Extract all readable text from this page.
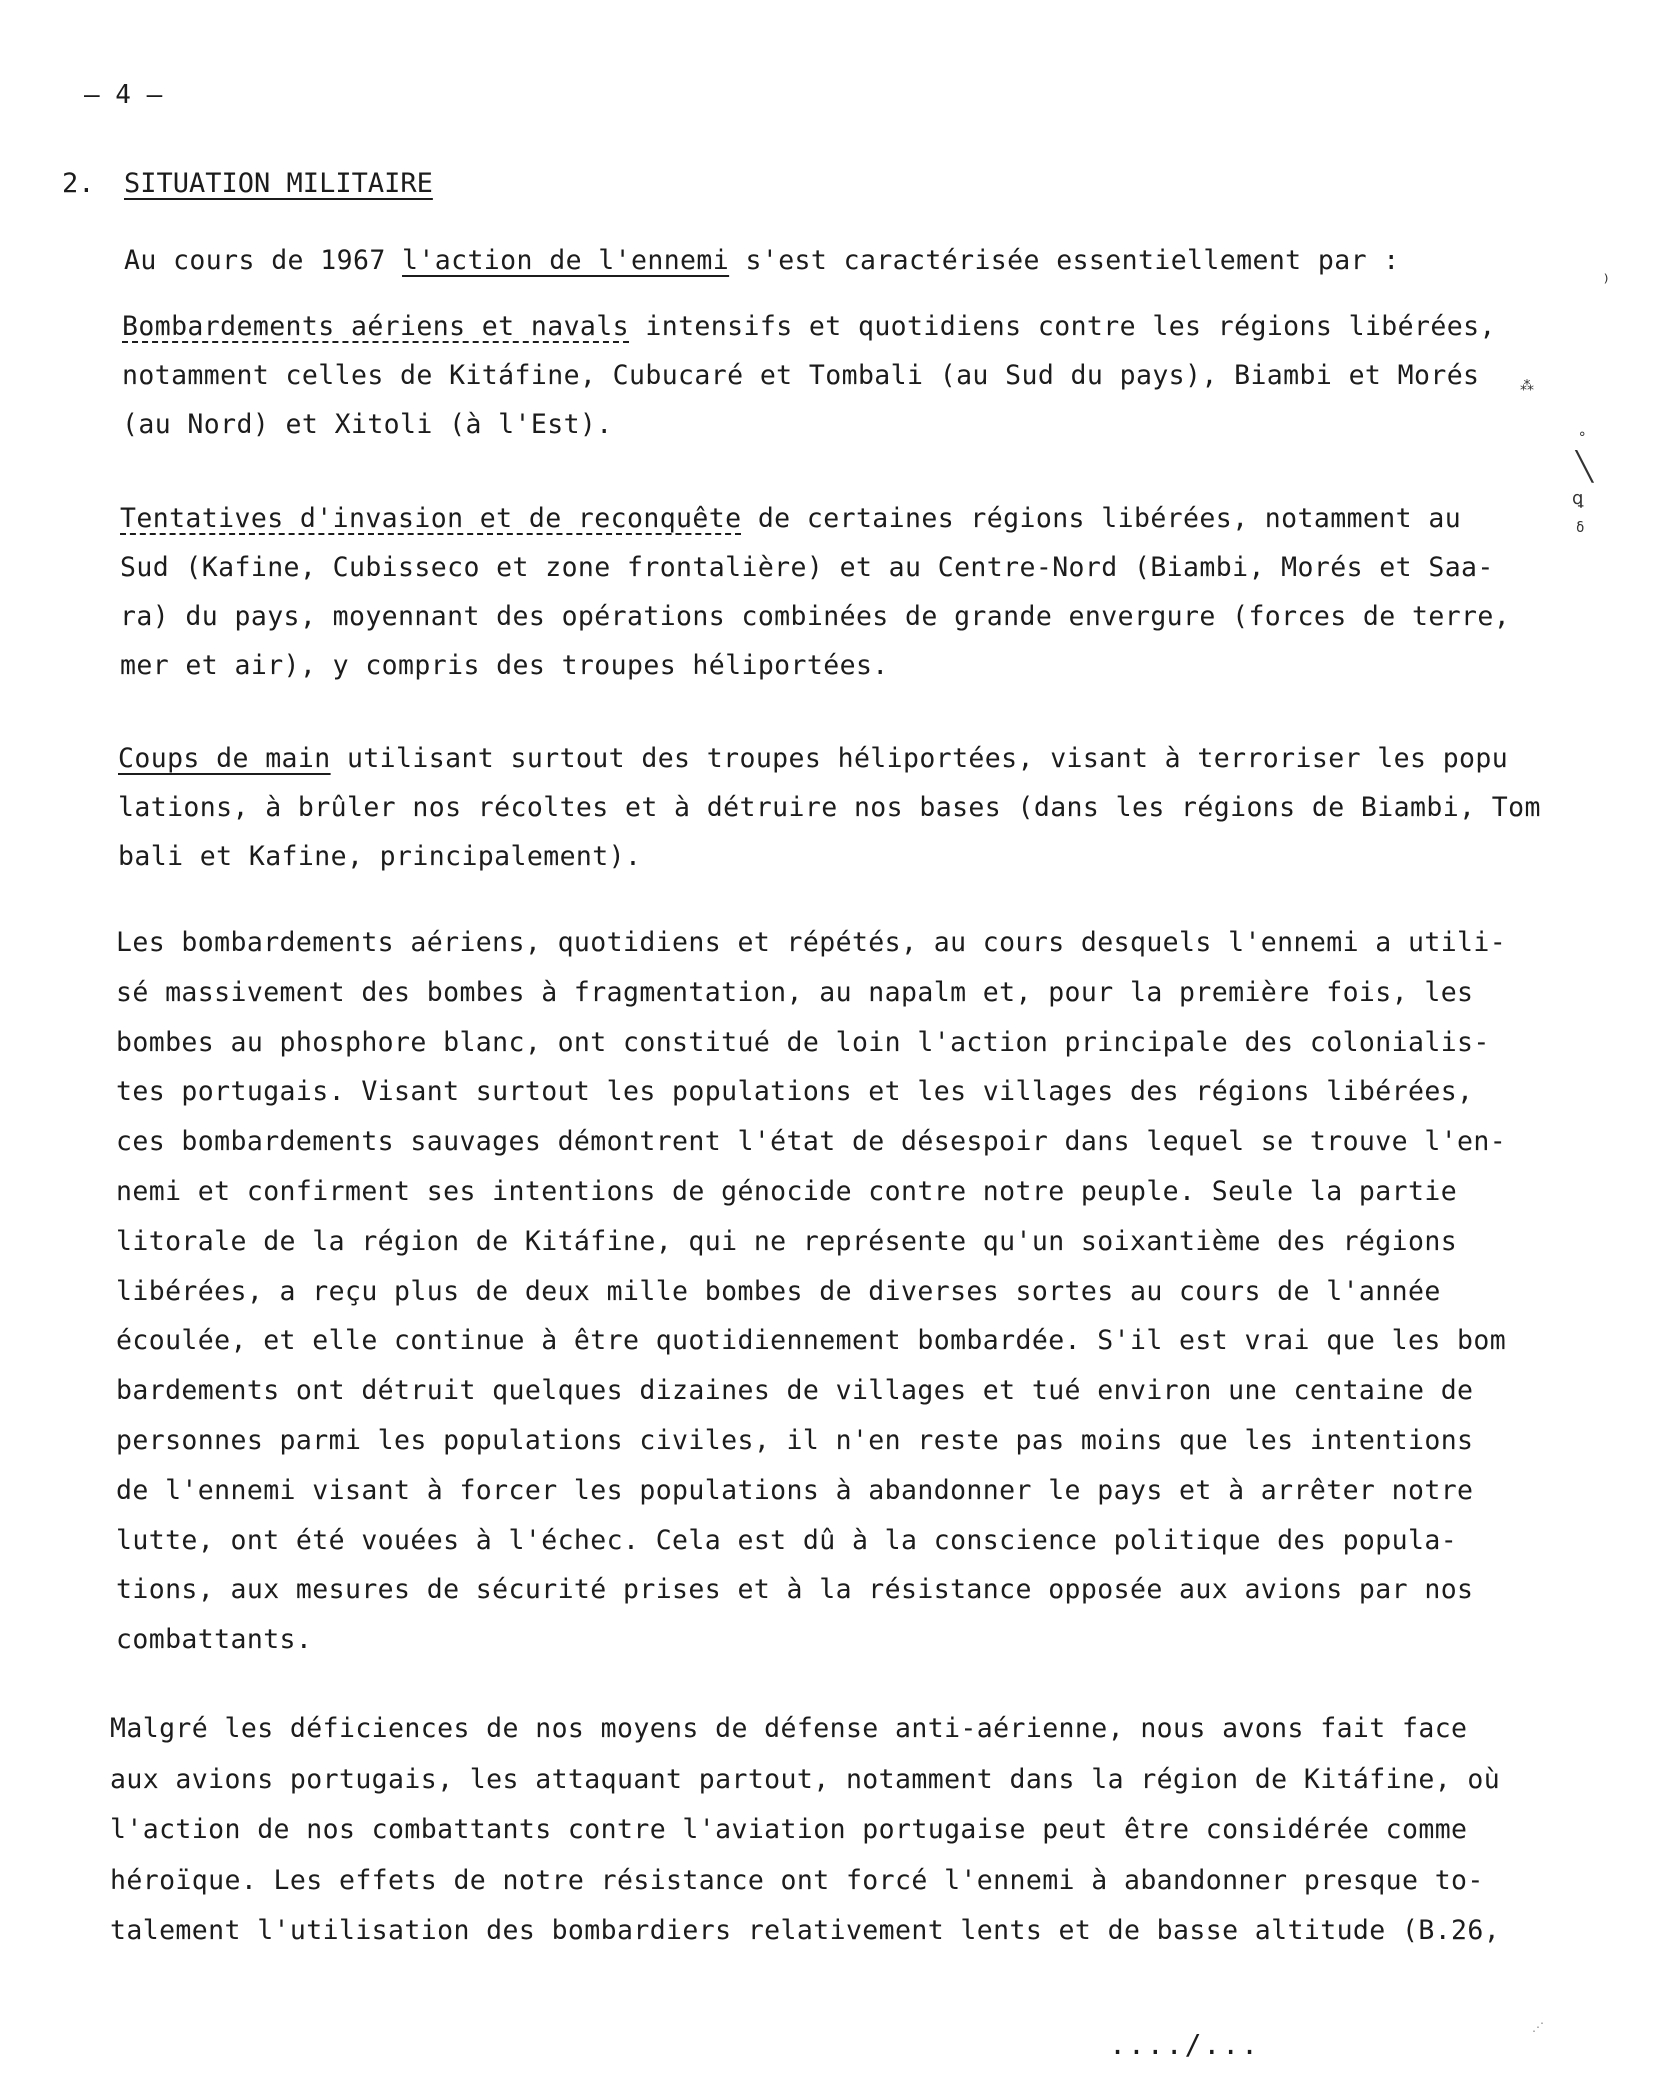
– 4 –
2. SITUATION MILITAIRE
Au cours de 1967 l'action de l'ennemi s'est caractérisée essentiellement par :
Bombardements aériens et navals intensifs et quotidiens contre les régions libérées,
notamment celles de Kitáfine, Cubucaré et Tombali (au Sud du pays), Biambi et Morés
(au Nord) et Xitoli (à l'Est).
Tentatives d'invasion et de reconquête de certaines régions libérées, notamment au
Sud (Kafine, Cubisseco et zone frontalière) et au Centre-Nord (Biambi, Morés et Saa-
ra) du pays, moyennant des opérations combinées de grande envergure (forces de terre,
mer et air), y compris des troupes héliportées.
Coups de main utilisant surtout des troupes héliportées, visant à terroriser les popu
lations, à brûler nos récoltes et à détruire nos bases (dans les régions de Biambi, Tom
bali et Kafine, principalement).
Les bombardements aériens, quotidiens et répétés, au cours desquels l'ennemi a utili-
sé massivement des bombes à fragmentation, au napalm et, pour la première fois, les
bombes au phosphore blanc, ont constitué de loin l'action principale des colonialis-
tes portugais. Visant surtout les populations et les villages des régions libérées,
ces bombardements sauvages démontrent l'état de désespoir dans lequel se trouve l'en-
nemi et confirment ses intentions de génocide contre notre peuple. Seule la partie
litorale de la région de Kitáfine, qui ne représente qu'un soixantième des régions
libérées, a reçu plus de deux mille bombes de diverses sortes au cours de l'année
écoulée, et elle continue à être quotidiennement bombardée. S'il est vrai que les bom
bardements ont détruit quelques dizaines de villages et tué environ une centaine de
personnes parmi les populations civiles, il n'en reste pas moins que les intentions
de l'ennemi visant à forcer les populations à abandonner le pays et à arrêter notre
lutte, ont été vouées à l'échec. Cela est dû à la conscience politique des popula-
tions, aux mesures de sécurité prises et à la résistance opposée aux avions par nos
combattants.
Malgré les déficiences de nos moyens de défense anti-aérienne, nous avons fait face
aux avions portugais, les attaquant partout, notamment dans la région de Kitáfine, où
l'action de nos combattants contre l'aviation portugaise peut être considérée comme
héroïque. Les effets de notre résistance ont forcé l'ennemi à abandonner presque to-
talement l'utilisation des bombardiers relativement lents et de basse altitude (B.26,
..../...
⁾
⁂
°
╲
ꝗ
δ
⋰
